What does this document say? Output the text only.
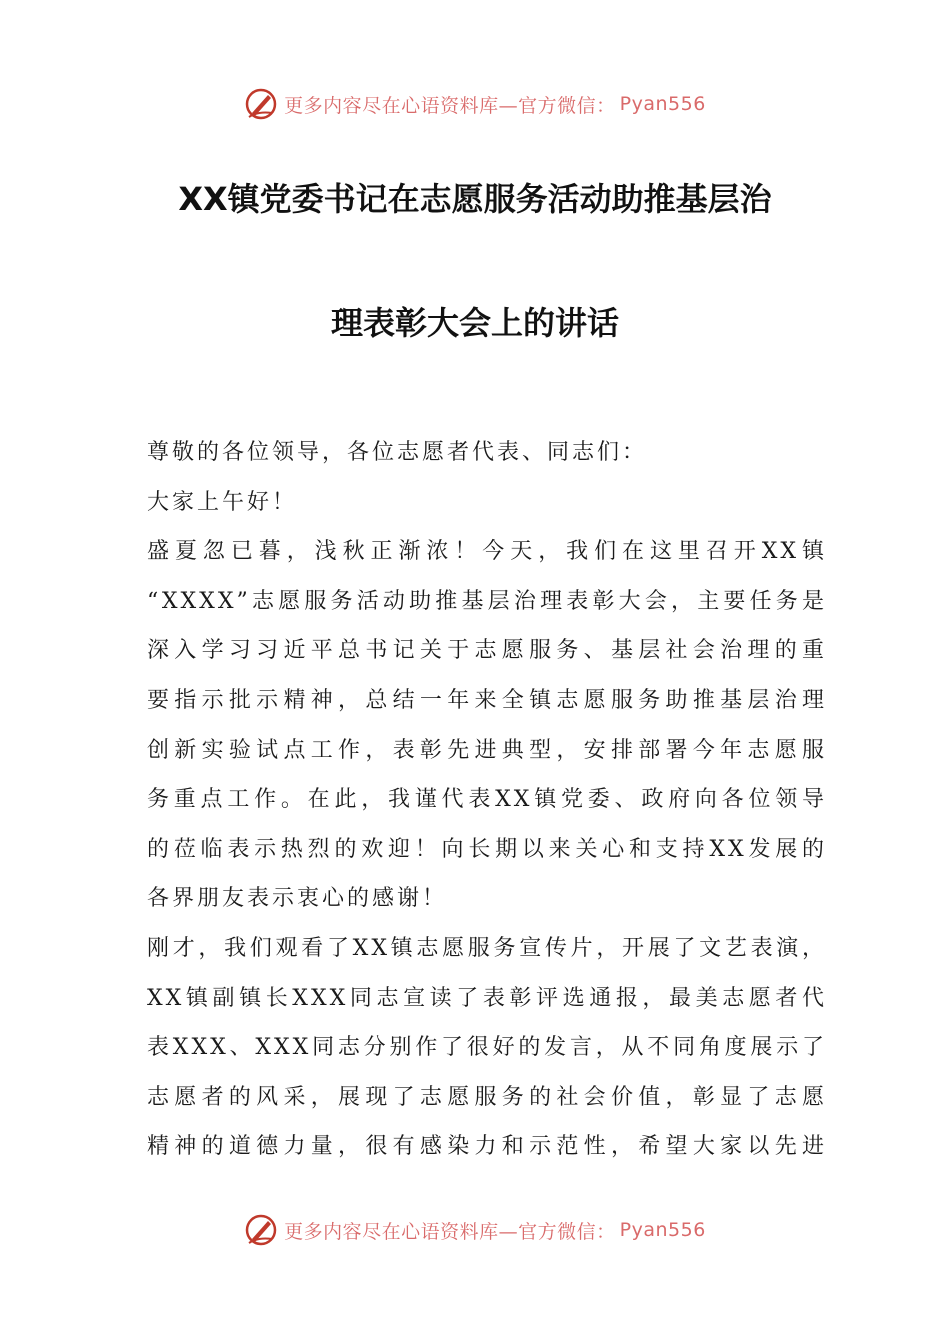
更多内容尽在心语资料库—官方微信： Pyan556
XX镇党委书记在志愿服务活动助推基层治
理表彰大会上的讲话
尊敬的各位领导，各位志愿者代表、同志们：
大家上午好！
盛夏忽已暮，浅秋正渐浓！今天，我们在这里召开XX镇
“XXXX”志愿服务活动助推基层治理表彰大会，主要任务是
深入学习习近平总书记关于志愿服务、基层社会治理的重
要指示批示精神，总结一年来全镇志愿服务助推基层治理
创新实验试点工作，表彰先进典型，安排部署今年志愿服
务重点工作。在此，我谨代表XX镇党委、政府向各位领导
的莅临表示热烈的欢迎！向长期以来关心和支持XX发展的
各界朋友表示衷心的感谢！
刚才，我们观看了XX镇志愿服务宣传片，开展了文艺表演，
XX镇副镇长XXX同志宣读了表彰评选通报，最美志愿者代
表XXX、XXX同志分别作了很好的发言，从不同角度展示了
志愿者的风采，展现了志愿服务的社会价值，彰显了志愿
精神的道德力量，很有感染力和示范性，希望大家以先进
更多内容尽在心语资料库—官方微信： Pyan556
